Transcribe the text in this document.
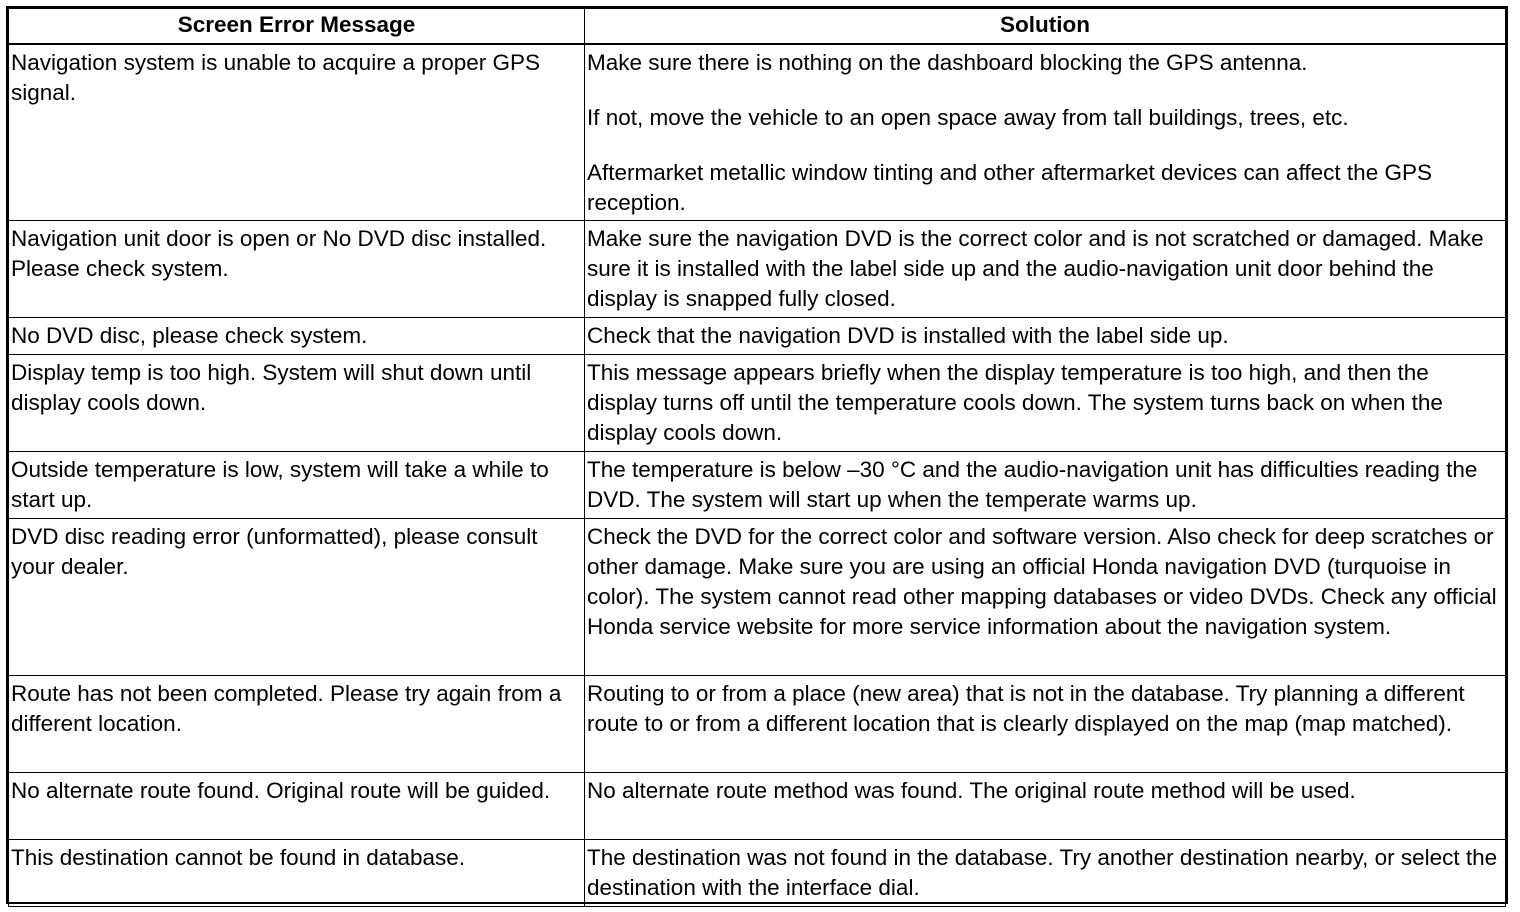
Screen Error Message	Solution
Navigation system is unable to acquire a proper GPS signal.	Make sure there is nothing on the dashboard blocking the GPS antenna.

If not, move the vehicle to an open space away from tall buildings, trees, etc.

Aftermarket metallic window tinting and other aftermarket devices can affect the GPS reception.

Navigation unit door is open or No DVD disc installed. Please check system.	Make sure the navigation DVD is the correct color and is not scratched or damaged. Make sure it is installed with the label side up and the audio-navigation unit door behind the display is snapped fully closed.

No DVD disc, please check system.	Check that the navigation DVD is installed with the label side up.

Display temp is too high. System will shut down until display cools down.	This message appears briefly when the display temperature is too high, and then the display turns off until the temperature cools down. The system turns back on when the display cools down.

Outside temperature is low, system will take a while to start up.	The temperature is below –30 °C and the audio-navigation unit has difficulties reading the DVD. The system will start up when the temperate warms up.

DVD disc reading error (unformatted), please consult your dealer.	Check the DVD for the correct color and software version. Also check for deep scratches or other damage. Make sure you are using an official Honda navigation DVD (turquoise in color). The system cannot read other mapping databases or video DVDs. Check any official Honda service website for more service information about the navigation system.

Route has not been completed. Please try again from a different location.	Routing to or from a place (new area) that is not in the database. Try planning a different route to or from a different location that is clearly displayed on the map (map matched).

No alternate route found. Original route will be guided.	No alternate route method was found. The original route method will be used.

This destination cannot be found in database.	The destination was not found in the database. Try another destination nearby, or select the destination with the interface dial.
